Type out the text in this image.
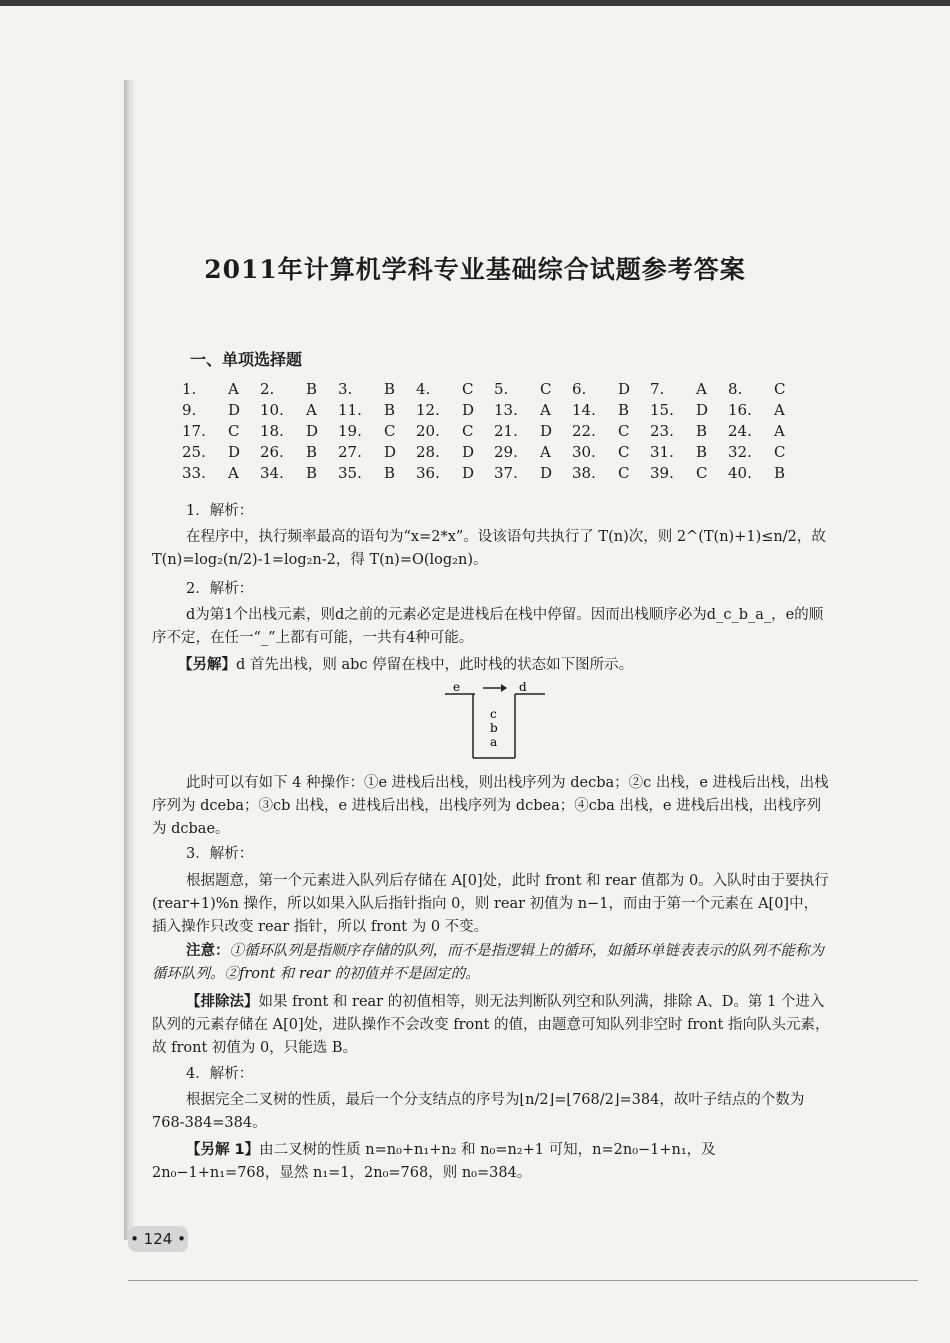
2011年计算机学科专业基础综合试题参考答案
一、单项选择题
1.	A	2.	B	3.	B	4.	C	5.	C	6.	D	7.	A	8.	C
9.	D	10.	A	11.	B	12.	D	13.	A	14.	B	15.	D	16.	A
17.	C	18.	D	19.	C	20.	C	21.	D	22.	C	23.	B	24.	A
25.	D	26.	B	27.	D	28.	D	29.	A	30.	C	31.	B	32.	C
33.	A	34.	B	35.	B	36.	D	37.	D	38.	C	39.	C	40.	B
1．解析：
在程序中，执行频率最高的语句为“x=2*x”。设该语句共执行了 T(n)次，则 2^(T(n)+1)≤n/2，故 T(n)=log₂(n/2)-1=log₂n-2，得 T(n)=O(log₂n)。
2．解析：
d为第1个出栈元素，则d之前的元素必定是进栈后在栈中停留。因而出栈顺序必为d_c_b_a_，e的顺序不定，在任一“_”上都有可能，一共有4种可能。
【另解】d 首先出栈，则 abc 停留在栈中，此时栈的状态如下图所示。
e	d
c
b
a
此时可以有如下 4 种操作：①e 进栈后出栈，则出栈序列为 decba；②c 出栈，e 进栈后出栈，出栈序列为 dceba；③cb 出栈，e 进栈后出栈，出栈序列为 dcbea；④cba 出栈，e 进栈后出栈，出栈序列为 dcbae。
3．解析：
根据题意，第一个元素进入队列后存储在 A[0]处，此时 front 和 rear 值都为 0。入队时由于要执行(rear+1)%n 操作，所以如果入队后指针指向 0，则 rear 初值为 n−1，而由于第一个元素在 A[0]中，插入操作只改变 rear 指针，所以 front 为 0 不变。
注意：①循环队列是指顺序存储的队列，而不是指逻辑上的循环，如循环单链表表示的队列不能称为循环队列。②front 和 rear 的初值并不是固定的。
【排除法】如果 front 和 rear 的初值相等，则无法判断队列空和队列满，排除 A、D。第 1 个进入队列的元素存储在 A[0]处，进队操作不会改变 front 的值，由题意可知队列非空时 front 指向队头元素，故 front 初值为 0，只能选 B。
4．解析：
根据完全二叉树的性质，最后一个分支结点的序号为⌊n/2⌋=⌊768/2⌋=384，故叶子结点的个数为 768-384=384。
【另解 1】由二叉树的性质 n=n₀+n₁+n₂ 和 n₀=n₂+1 可知，n=2n₀−1+n₁，及 2n₀−1+n₁=768，显然 n₁=1，2n₀=768，则 n₀=384。
• 124 •
